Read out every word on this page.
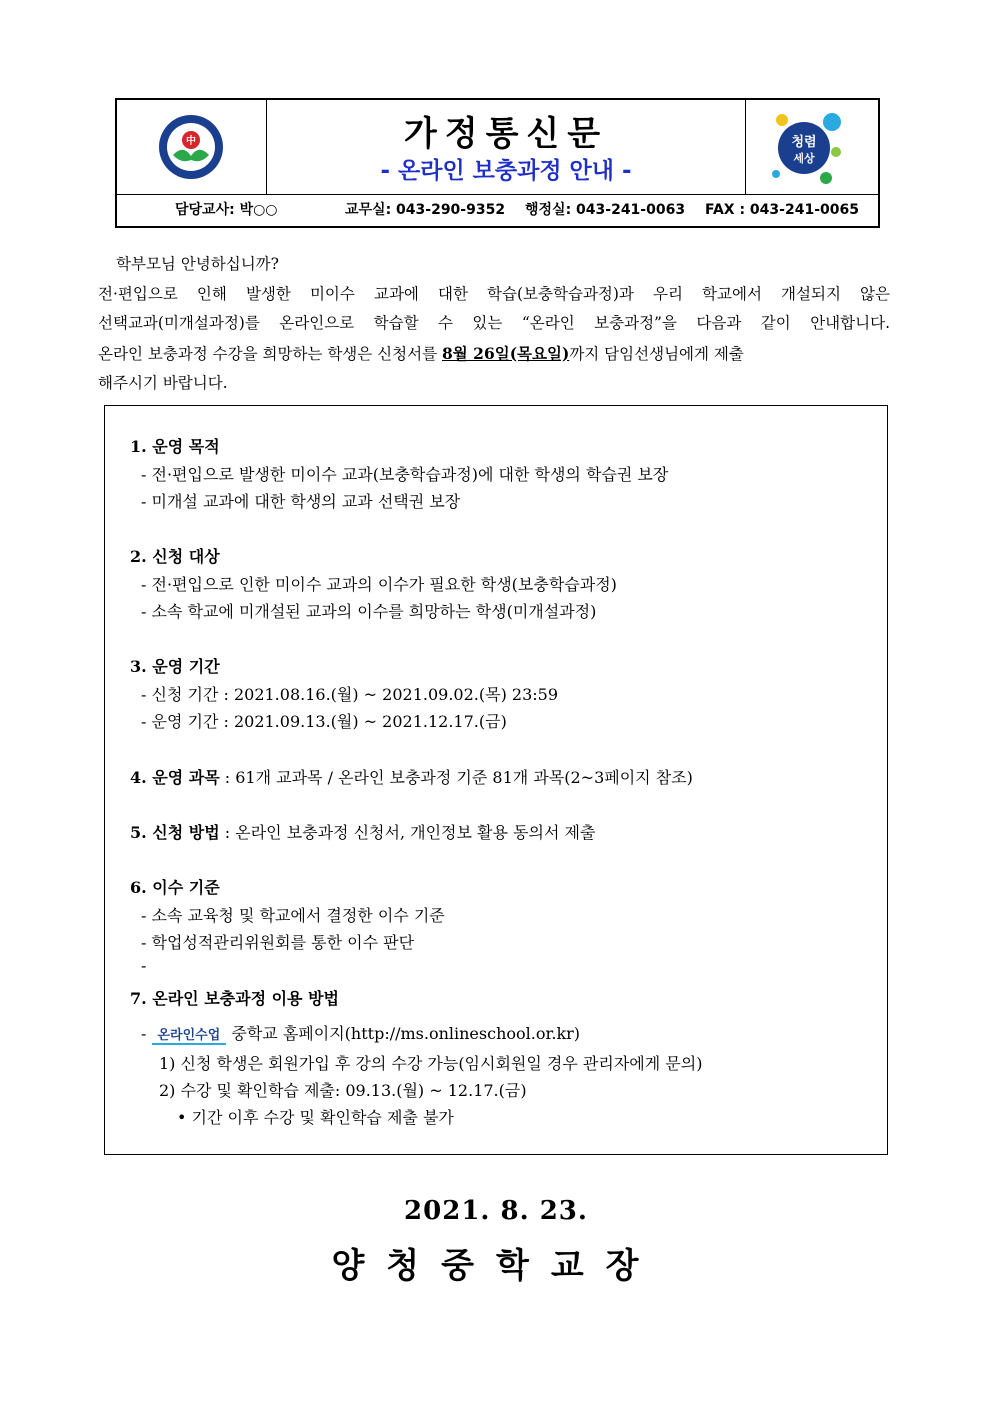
中	가정통신문
- 온라인 보충과정 안내 -
청렴
세상
담당교사: 박○○	교무실: 043-290-9352 행정실: 043-241-0063 FAX : 043-241-0065
학부모님 안녕하십니까?
전·편입으로 인해 발생한 미이수 교과에 대한 학습(보충학습과정)과 우리 학교에서 개설되지 않은
선택교과(미개설과정)를 온라인으로 학습할 수 있는 “온라인 보충과정”을 다음과 같이 안내합니다.
온라인 보충과정 수강을 희망하는 학생은 신청서를 8월 26일(목요일)까지 담임선생님에게 제출
해주시기 바랍니다.
1. 운영 목적
- 전·편입으로 발생한 미이수 교과(보충학습과정)에 대한 학생의 학습권 보장
- 미개설 교과에 대한 학생의 교과 선택권 보장
2. 신청 대상
- 전·편입으로 인한 미이수 교과의 이수가 필요한 학생(보충학습과정)
- 소속 학교에 미개설된 교과의 이수를 희망하는 학생(미개설과정)
3. 운영 기간
- 신청 기간 : 2021.08.16.(월) ~ 2021.09.02.(목) 23:59
- 운영 기간 : 2021.09.13.(월) ~ 2021.12.17.(금)
4. 운영 과목 : 61개 교과목 / 온라인 보충과정 기준 81개 과목(2~3페이지 참조)
5. 신청 방법 : 온라인 보충과정 신청서, 개인정보 활용 동의서 제출
6. 이수 기준
- 소속 교육청 및 학교에서 결정한 이수 기준
- 학업성적관리위원회를 통한 이수 판단
-
7. 온라인 보충과정 이용 방법
- 온라인수업 중학교 홈페이지(http://ms.onlineschool.or.kr)
1) 신청 학생은 회원가입 후 강의 수강 가능(임시회원일 경우 관리자에게 문의)
2) 수강 및 확인학습 제출: 09.13.(월) ~ 12.17.(금)
• 기간 이후 수강 및 확인학습 제출 불가
2021. 8. 23.
양청중학교장
